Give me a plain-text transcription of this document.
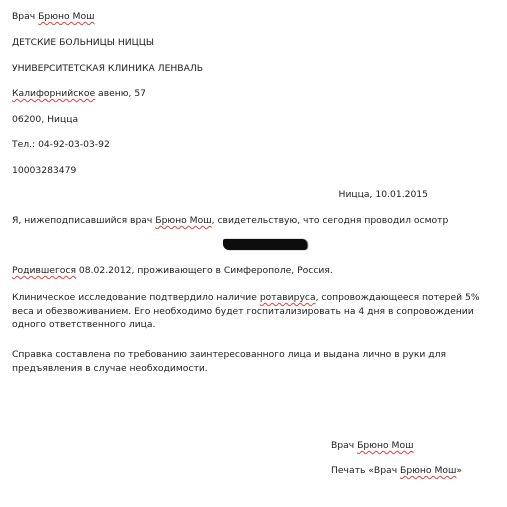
Врач Брюно Мош
ДЕТСКИЕ БОЛЬНИЦЫ НИЦЦЫ
УНИВЕРСИТЕТСКАЯ КЛИНИКА ЛЕНВАЛЬ
Калифорнийское авеню, 57
06200, Ницца
Тел.: 04-92-03-03-92
10003283479
Ницца, 10.01.2015
Я, нижеподписавшийся врач Брюно Мош, свидетельствую, что сегодня проводил осмотр
Родившегося 08.02.2012, проживающего в Симферополе, Россия.
Клиническое исследование подтвердило наличие ротавируса, сопровождающееся потерей 5% веса и обезвоживанием. Его необходимо будет госпитализировать на 4 дня в сопровождении одного ответственного лица.
Справка составлена по требованию заинтересованного лица и выдана лично в руки для предъявления в случае необходимости.
Врач Брюно Мош
Печать «Врач Брюно Мош»
